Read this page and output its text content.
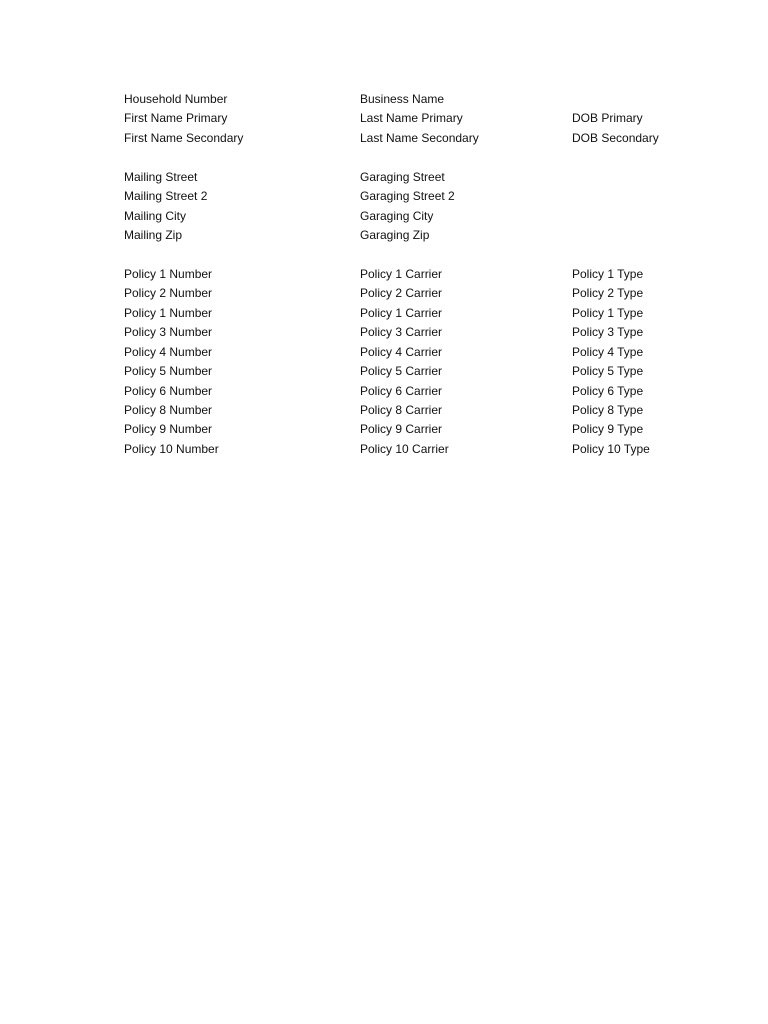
Household Number	Business Name
First Name Primary	Last Name Primary	DOB Primary
First Name Secondary	Last Name Secondary	DOB Secondary
Mailing Street	Garaging Street
Mailing Street 2	Garaging Street 2
Mailing City	Garaging City
Mailing Zip	Garaging Zip
Policy 1 Number	Policy 1 Carrier	Policy 1 Type
Policy 2 Number	Policy 2 Carrier	Policy 2 Type
Policy 1 Number	Policy 1 Carrier	Policy 1 Type
Policy 3 Number	Policy 3 Carrier	Policy 3 Type
Policy 4 Number	Policy 4 Carrier	Policy 4 Type
Policy 5 Number	Policy 5 Carrier	Policy 5 Type
Policy 6 Number	Policy 6 Carrier	Policy 6 Type
Policy 8 Number	Policy 8 Carrier	Policy 8 Type
Policy 9 Number	Policy 9 Carrier	Policy 9 Type
Policy 10 Number	Policy 10 Carrier	Policy 10 Type
